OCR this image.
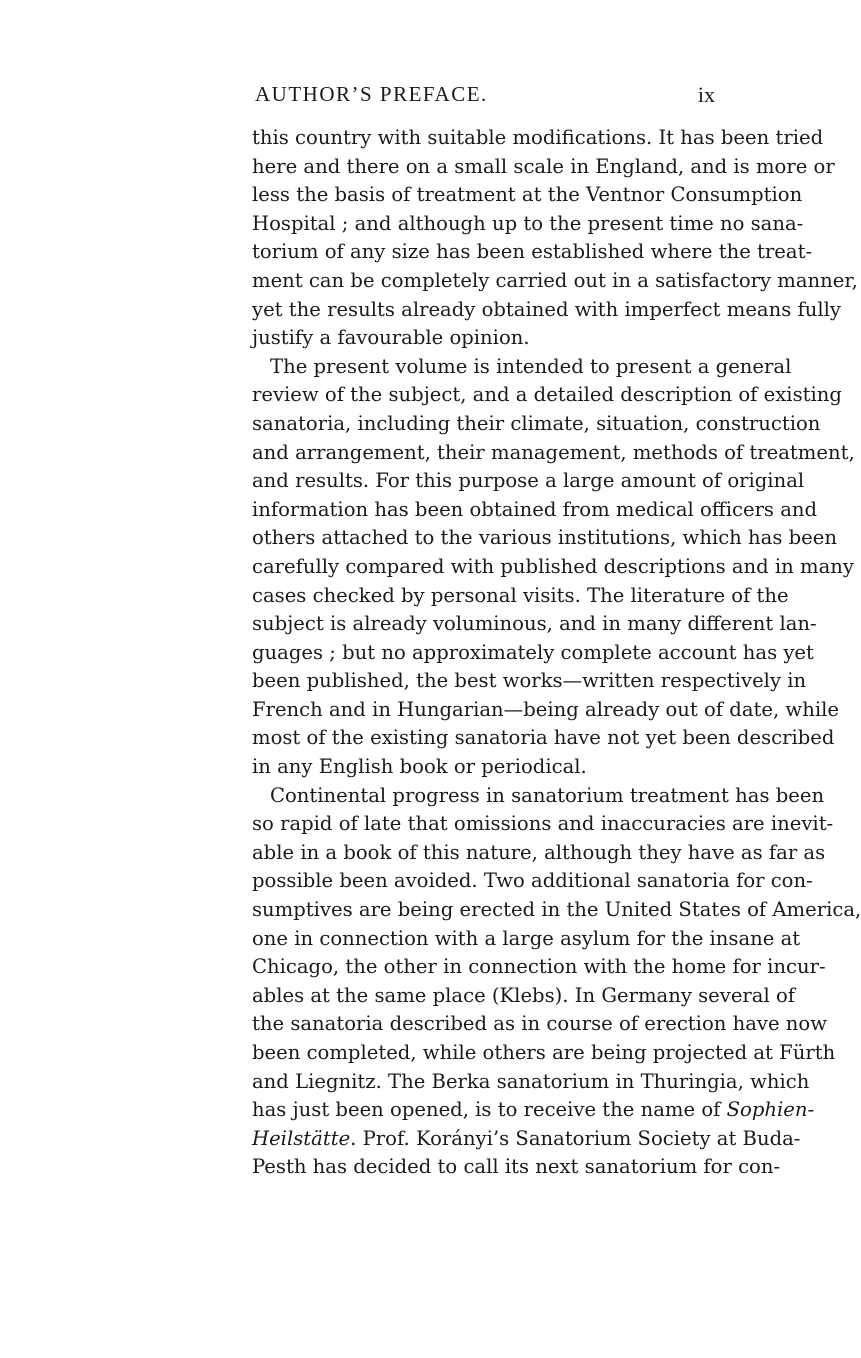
AUTHOR’S PREFACE.	ix
this country with suitable modifications. It has been tried
here and there on a small scale in England, and is more or
less the basis of treatment at the Ventnor Consumption
Hospital ; and although up to the present time no sana-
torium of any size has been established where the treat-
ment can be completely carried out in a satisfactory manner,
yet the results already obtained with imperfect means fully
justify a favourable opinion.
The present volume is intended to present a general
review of the subject, and a detailed description of existing
sanatoria, including their climate, situation, construction
and arrangement, their management, methods of treatment,
and results. For this purpose a large amount of original
information has been obtained from medical officers and
others attached to the various institutions, which has been
carefully compared with published descriptions and in many
cases checked by personal visits. The literature of the
subject is already voluminous, and in many different lan-
guages ; but no approximately complete account has yet
been published, the best works—written respectively in
French and in Hungarian—being already out of date, while
most of the existing sanatoria have not yet been described
in any English book or periodical.
Continental progress in sanatorium treatment has been
so rapid of late that omissions and inaccuracies are inevit-
able in a book of this nature, although they have as far as
possible been avoided. Two additional sanatoria for con-
sumptives are being erected in the United States of America,
one in connection with a large asylum for the insane at
Chicago, the other in connection with the home for incur-
ables at the same place (Klebs). In Germany several of
the sanatoria described as in course of erection have now
been completed, while others are being projected at Fürth
and Liegnitz. The Berka sanatorium in Thuringia, which
has just been opened, is to receive the name of Sophien-
Heilstätte. Prof. Korányi’s Sanatorium Society at Buda-
Pesth has decided to call its next sanatorium for con-
